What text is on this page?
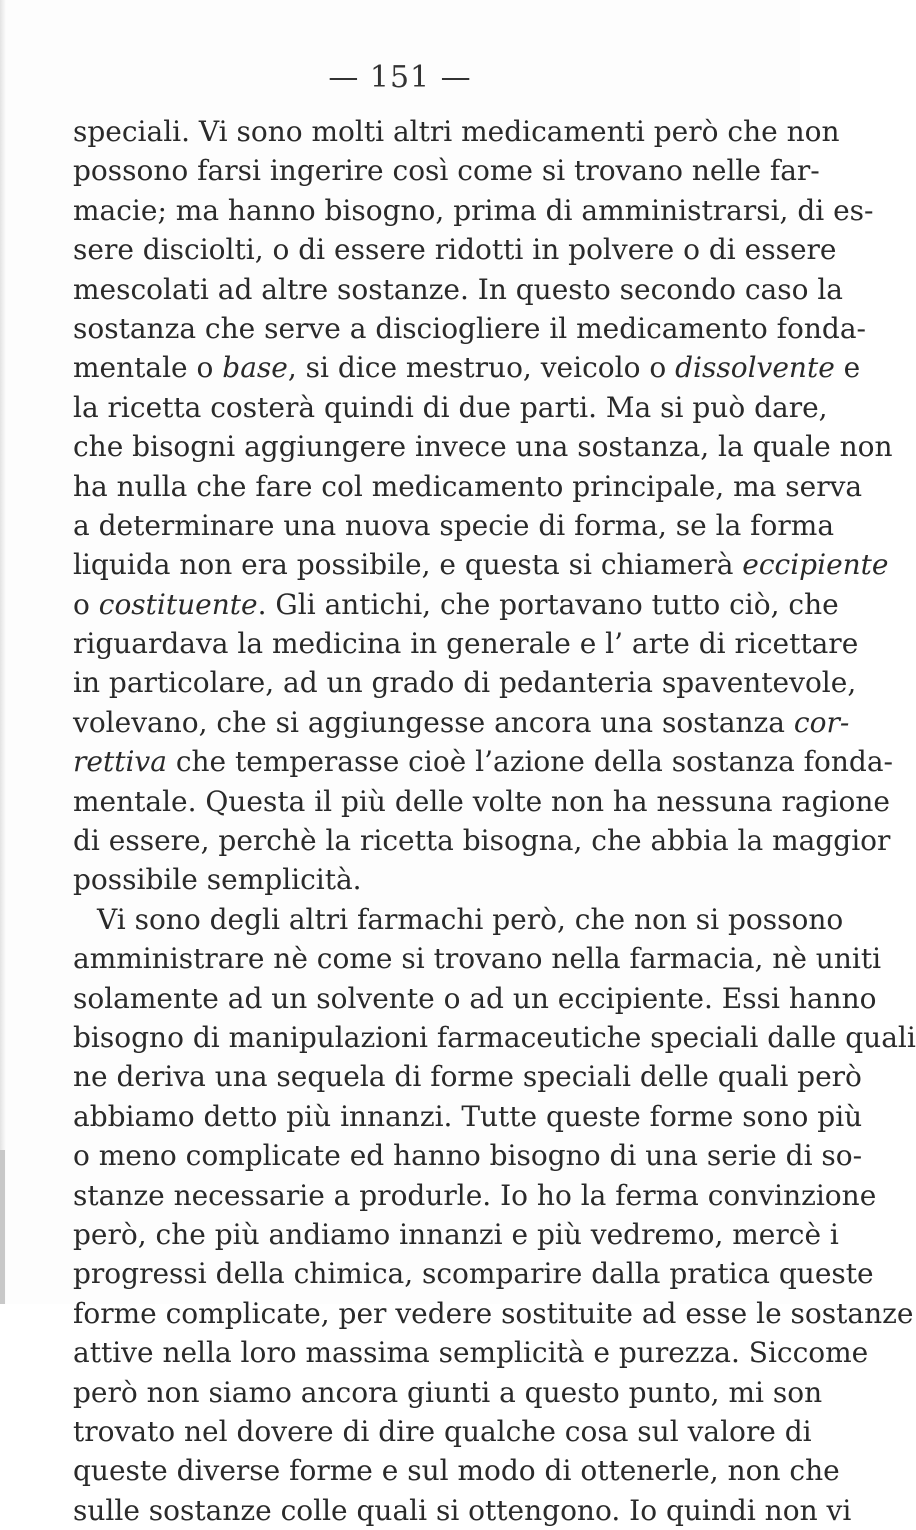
— 151 —
speciali. Vi sono molti altri medicamenti però che non
possono farsi ingerire così come si trovano nelle far-
macie; ma hanno bisogno, prima di amministrarsi, di es-
sere disciolti, o di essere ridotti in polvere o di essere
mescolati ad altre sostanze. In questo secondo caso la
sostanza che serve a disciogliere il medicamento fonda-
mentale o base, si dice mestruo, veicolo o dissolvente e
la ricetta costerà quindi di due parti. Ma si può dare,
che bisogni aggiungere invece una sostanza, la quale non
ha nulla che fare col medicamento principale, ma serva
a determinare una nuova specie di forma, se la forma
liquida non era possibile, e questa si chiamerà eccipiente
o costituente. Gli antichi, che portavano tutto ciò, che
riguardava la medicina in generale e l’ arte di ricettare
in particolare, ad un grado di pedanteria spaventevole,
volevano, che si aggiungesse ancora una sostanza cor-
rettiva che temperasse cioè l’azione della sostanza fonda-
mentale. Questa il più delle volte non ha nessuna ragione
di essere, perchè la ricetta bisogna, che abbia la maggior
possibile semplicità.
Vi sono degli altri farmachi però, che non si possono
amministrare nè come si trovano nella farmacia, nè uniti
solamente ad un solvente o ad un eccipiente. Essi hanno
bisogno di manipulazioni farmaceutiche speciali dalle quali
ne deriva una sequela di forme speciali delle quali però
abbiamo detto più innanzi. Tutte queste forme sono più
o meno complicate ed hanno bisogno di una serie di so-
stanze necessarie a produrle. Io ho la ferma convinzione
però, che più andiamo innanzi e più vedremo, mercè i
progressi della chimica, scomparire dalla pratica queste
forme complicate, per vedere sostituite ad esse le sostanze
attive nella loro massima semplicità e purezza. Siccome
però non siamo ancora giunti a questo punto, mi son
trovato nel dovere di dire qualche cosa sul valore di
queste diverse forme e sul modo di ottenerle, non che
sulle sostanze colle quali si ottengono. Io quindi non vi
